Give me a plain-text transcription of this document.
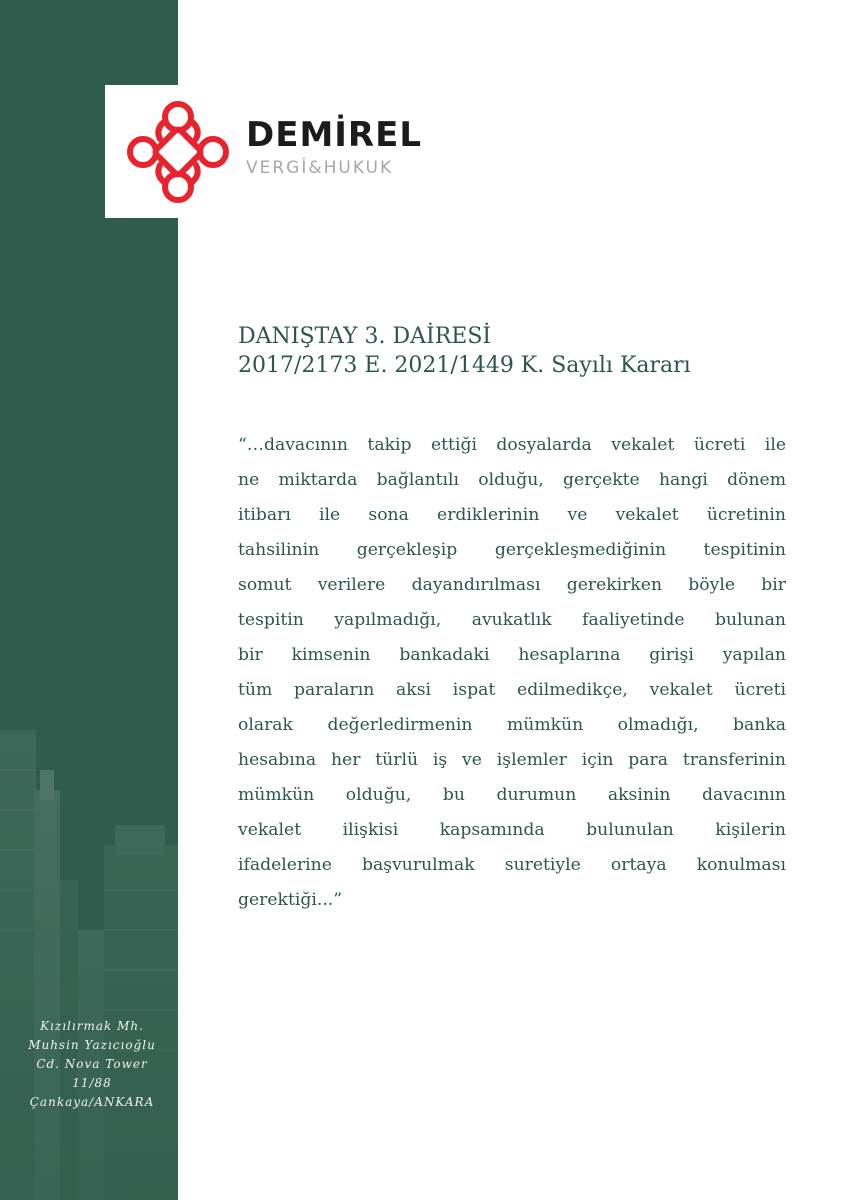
Kızılırmak Mh.
Muhsin Yazıcıoğlu
Cd. Nova Tower
11/88
Çankaya/ANKARA
DEMİREL
VERGİ&HUKUK
DANIŞTAY 3. DAİRESİ
2017/2173 E. 2021/1449 K. Sayılı Kararı
“…davacının takip ettiği dosyalarda vekalet ücreti ile
ne miktarda bağlantılı olduğu, gerçekte hangi dönem
itibarı ile sona erdiklerinin ve vekalet ücretinin
tahsilinin gerçekleşip gerçekleşmediğinin tespitinin
somut verilere dayandırılması gerekirken böyle bir
tespitin yapılmadığı, avukatlık faaliyetinde bulunan
bir kimsenin bankadaki hesaplarına girişi yapılan
tüm paraların aksi ispat edilmedikçe, vekalet ücreti
olarak değerledirmenin mümkün olmadığı, banka
hesabına her türlü iş ve işlemler için para transferinin
mümkün olduğu, bu durumun aksinin davacının
vekalet ilişkisi kapsamında bulunulan kişilerin
ifadelerine başvurulmak suretiyle ortaya konulması
gerektiği...”
